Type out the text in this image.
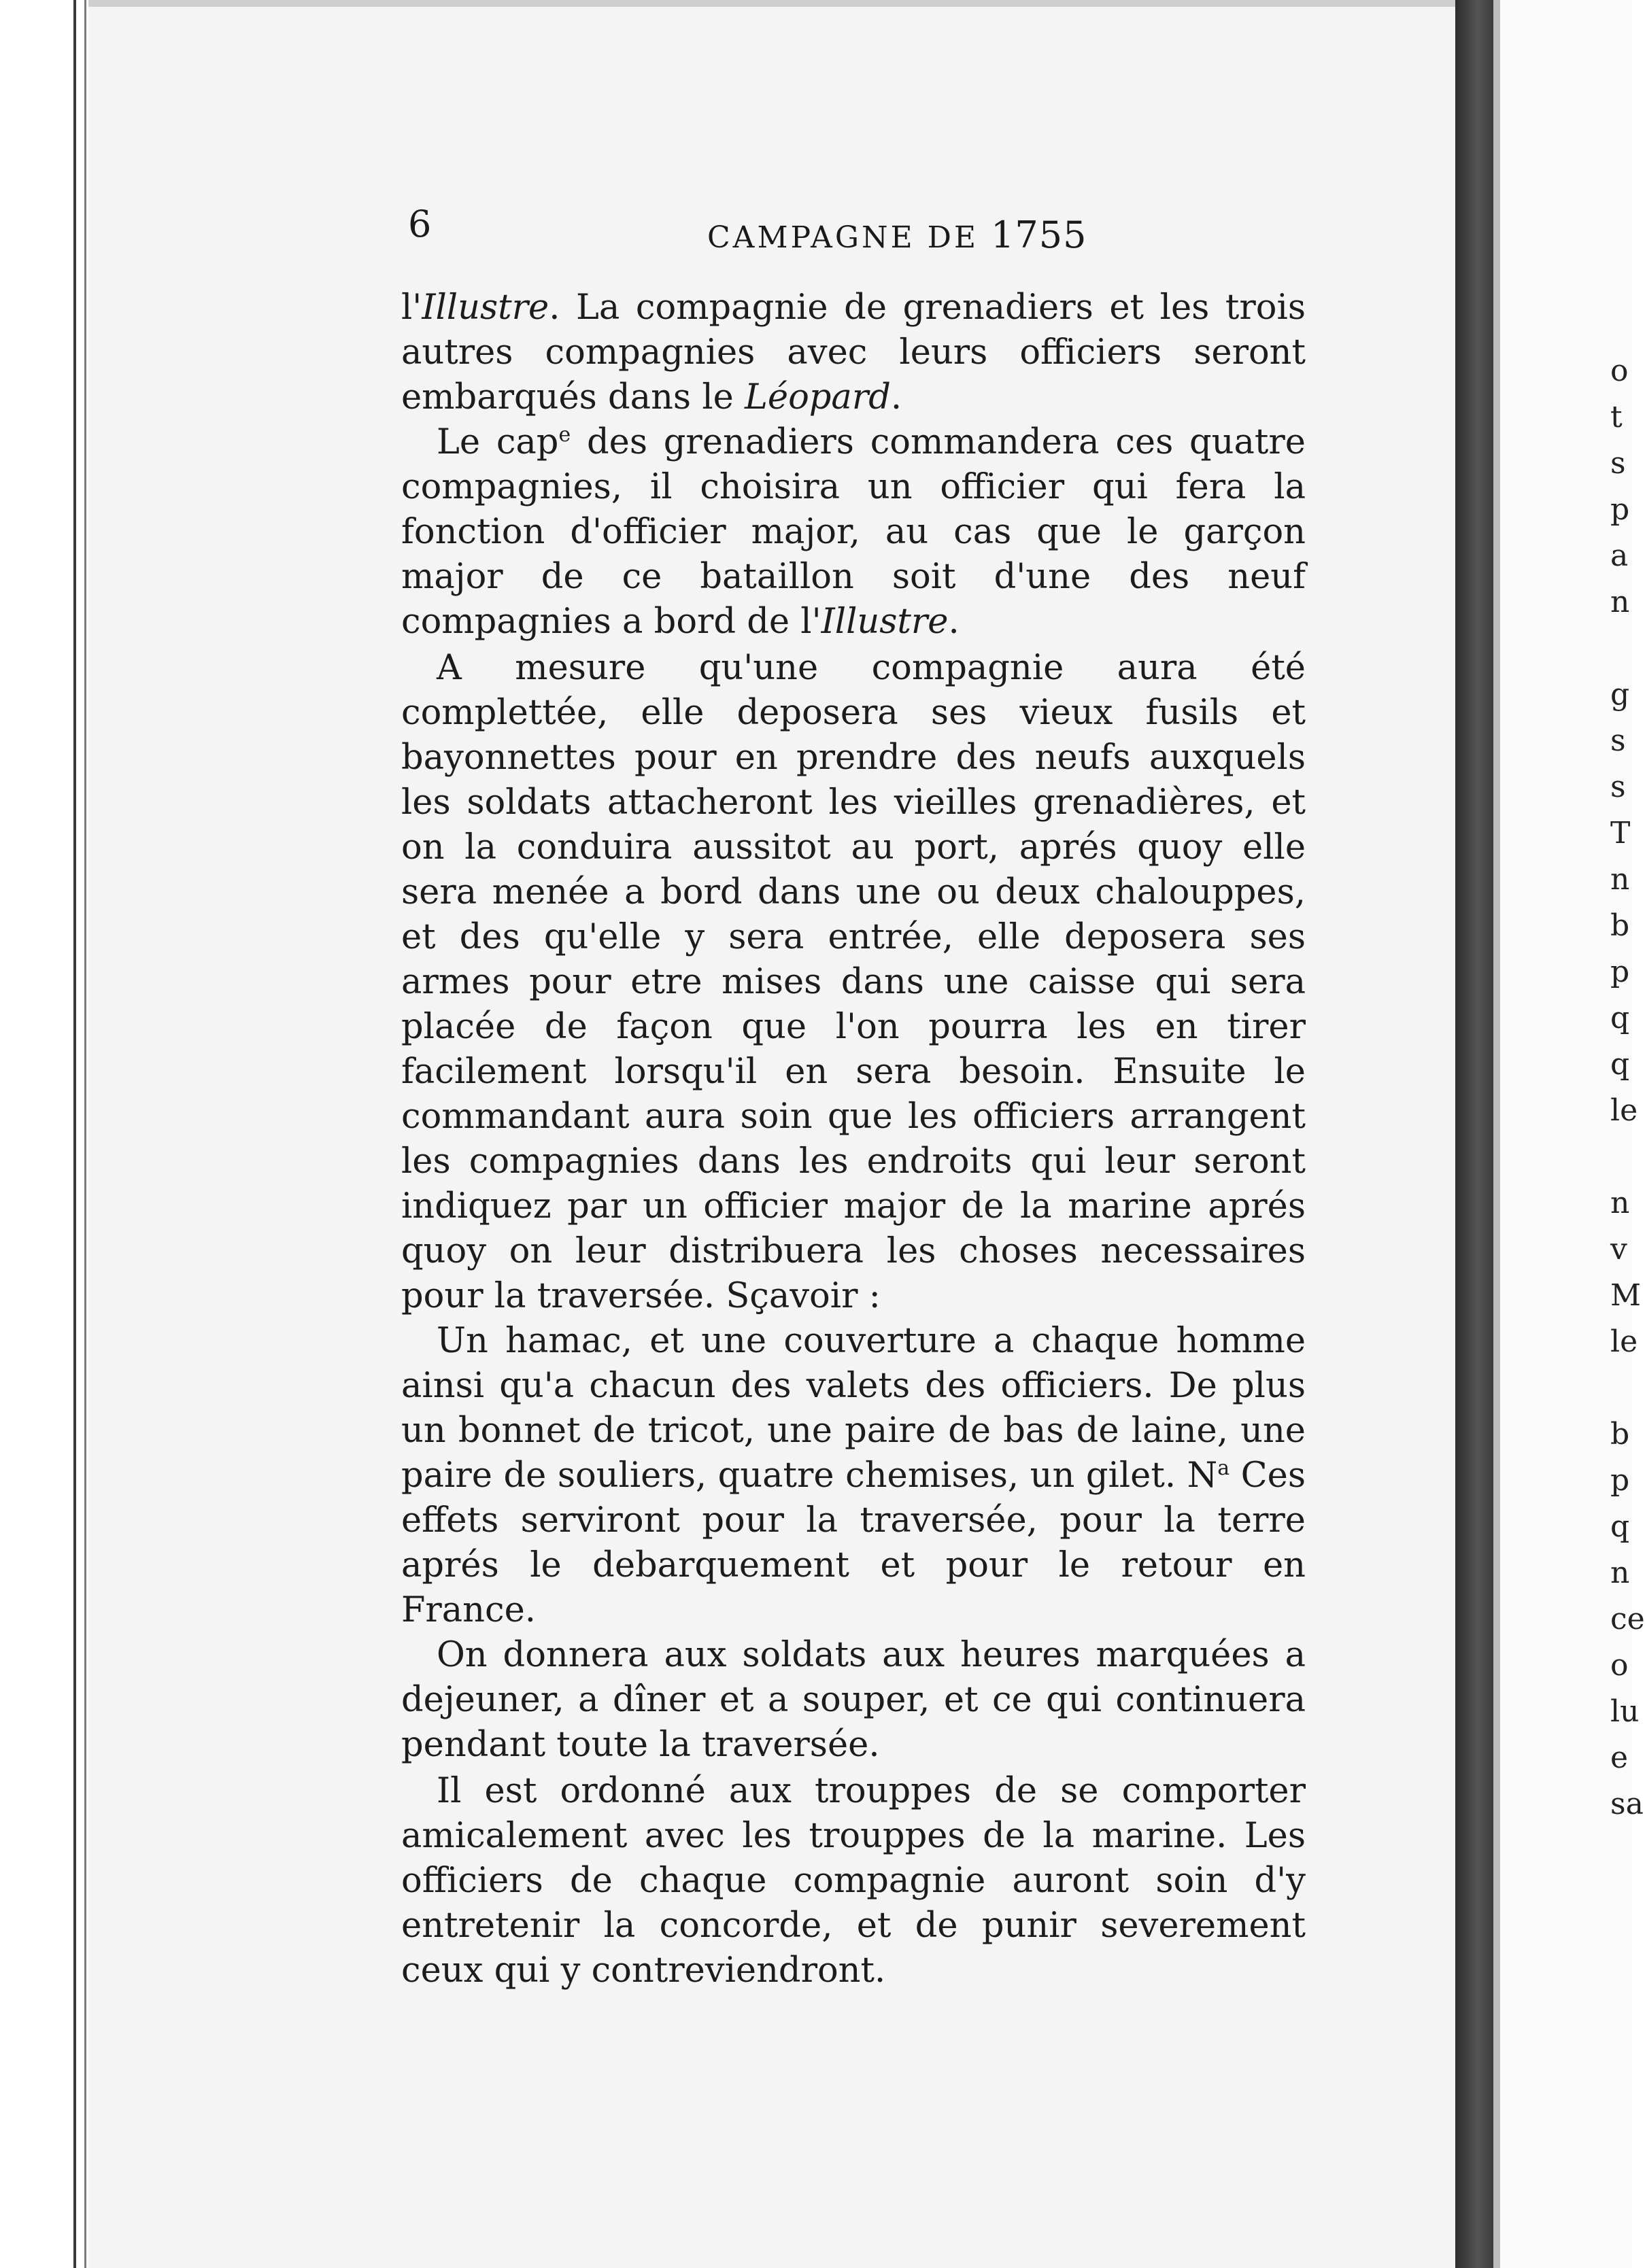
6	CAMPAGNE DE 1755

l'Illustre. La compagnie de grenadiers et les trois autres compagnies avec leurs officiers seront embarqués dans le Léopard.

Le cap$^e$ des grenadiers commandera ces quatre compagnies, il choisira un officier qui fera la fonction d'officier major, au cas que le garçon major de ce bataillon soit d'une des neuf compagnies a bord de l'Illustre.

A mesure qu'une compagnie aura été complettée, elle deposera ses vieux fusils et bayonnettes pour en prendre des neufs auxquels les soldats attacheront les vieilles grenadières, et on la conduira aussitot au port, aprés quoy elle sera menée a bord dans une ou deux chalouppes, et des qu'elle y sera entrée, elle deposera ses armes pour etre mises dans une caisse qui sera placée de façon que l'on pourra les en tirer facilement lorsqu'il en sera besoin. Ensuite le commandant aura soin que les officiers arrangent les compagnies dans les endroits qui leur seront indiquez par un officier major de la marine aprés quoy on leur distribuera les choses necessaires pour la traversée. Sçavoir :

Un hamac, et une couverture a chaque homme ainsi qu'a chacun des valets des officiers. De plus un bonnet de tricot, une paire de bas de laine, une paire de souliers, quatre chemises, un gilet. $N^a$ Ces effets serviront pour la traversée, pour la terre aprés le debarquement et pour le retour en France.

On donnera aux soldats aux heures marquées a dejeuner, a dîner et a souper, et ce qui continuera pendant toute la traversée.

Il est ordonné aux trouppes de se comporter amicalement avec les trouppes de la marine. Les officiers de chaque compagnie auront soin d'y entretenir la concorde, et de punir severement ceux qui y contreviendront.

o
t
s
p
a
n
g
s
s
T
n
b
p
q
q
le
n
v
M
le
b
p
q
n
ce
o
lu
e
sa
